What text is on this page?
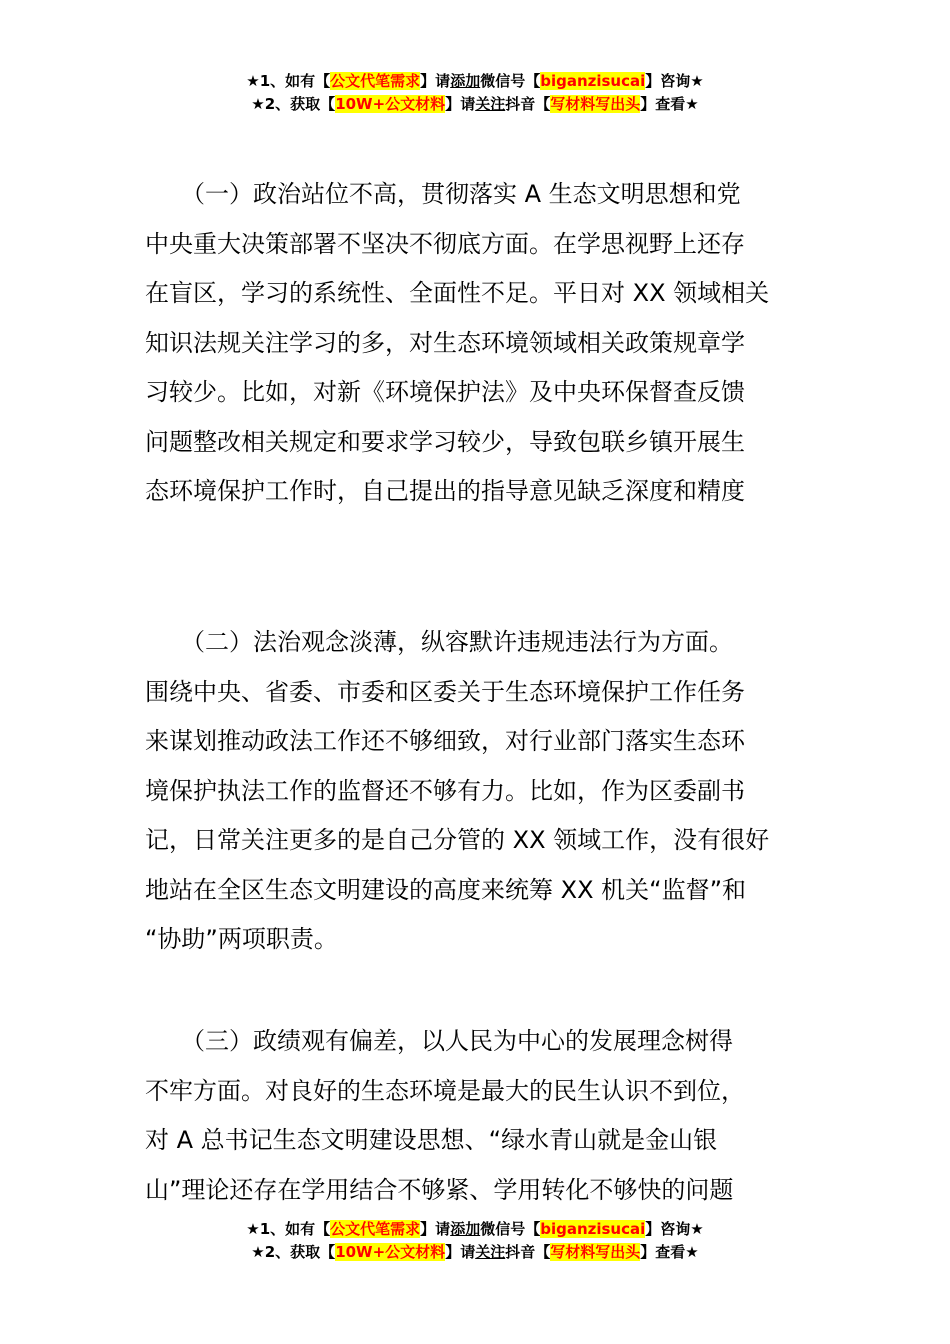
★1、如有【公文代笔需求】请添加微信号【biganzisucai】咨询★
★2、获取【10W+公文材料】请关注抖音【写材料写出头】查看★
　　（一）政治站位不高，贯彻落实 A 生态文明思想和党
中央重大决策部署不坚决不彻底方面。在学思视野上还存
在盲区，学习的系统性、全面性不足。平日对 XX 领域相关
知识法规关注学习的多，对生态环境领域相关政策规章学
习较少。比如，对新《环境保护法》及中央环保督查反馈
问题整改相关规定和要求学习较少，导致包联乡镇开展生
态环境保护工作时，自己提出的指导意见缺乏深度和精度
　　（二）法治观念淡薄，纵容默许违规违法行为方面。
围绕中央、省委、市委和区委关于生态环境保护工作任务
来谋划推动政法工作还不够细致，对行业部门落实生态环
境保护执法工作的监督还不够有力。比如，作为区委副书
记，日常关注更多的是自己分管的 XX 领域工作，没有很好
地站在全区生态文明建设的高度来统筹 XX 机关“监督”和
“协助”两项职责。
　　（三）政绩观有偏差，以人民为中心的发展理念树得
不牢方面。对良好的生态环境是最大的民生认识不到位，
对 A 总书记生态文明建设思想、“绿水青山就是金山银
山”理论还存在学用结合不够紧、学用转化不够快的问题
★1、如有【公文代笔需求】请添加微信号【biganzisucai】咨询★
★2、获取【10W+公文材料】请关注抖音【写材料写出头】查看★
